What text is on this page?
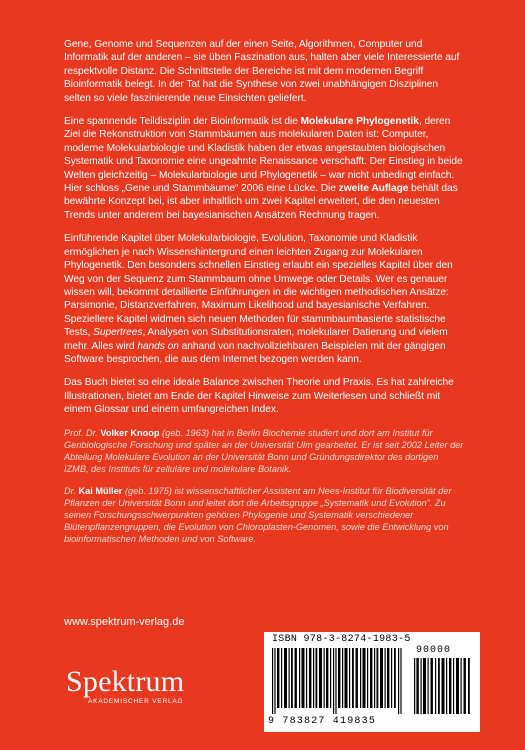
Gene, Genome und Sequenzen auf der einen Seite, Algorithmen, Computer und Informatik auf der anderen – sie üben Faszination aus, halten aber viele Interessierte auf respektvolle Distanz. Die Schnittstelle der Bereiche ist mit dem modernen Begriff Bioinformatik belegt. In der Tat hat die Synthese von zwei unabhängigen Disziplinen selten so viele faszinierende neue Einsichten geliefert.

Eine spannende Teildisziplin der Bioinformatik ist die Molekulare Phylogenetik, deren Ziel die Rekonstruktion von Stammbäumen aus molekularen Daten ist: Computer, moderne Molekularbiologie und Kladistik haben der etwas angestaubten biologischen Systematik und Taxonomie eine ungeahnte Renaissance verschafft. Der Einstieg in beide Welten gleichzeitig – Molekularbiologie und Phylogenetik – war nicht unbedingt einfach. Hier schloss „Gene und Stammbäume“ 2006 eine Lücke. Die zweite Auflage behält das bewährte Konzept bei, ist aber inhaltlich um zwei Kapitel erweitert, die den neuesten Trends unter anderem bei bayesianischen Ansätzen Rechnung tragen.

Einführende Kapitel über Molekularbiologie, Evolution, Taxonomie und Kladistik ermöglichen je nach Wissenshintergrund einen leichten Zugang zur Molekularen Phylogenetik. Den besonders schnellen Einstieg erlaubt ein spezielles Kapitel über den Weg von der Sequenz zum Stammbaum ohne Umwege oder Details. Wer es genauer wissen will, bekommt detaillierte Einführungen in die wichtigen methodischen Ansätze: Parsimonie, Distanzverfahren, Maximum Likelihood und bayesianische Verfahren. Speziellere Kapitel widmen sich neuen Methoden für stammbaumbasierte statistische Tests, Supertrees, Analysen von Substitutionsraten, molekularer Datierung und vielem mehr. Alles wird hands on anhand von nachvollziehbaren Beispielen mit der gängigen Software besprochen, die aus dem Internet bezogen werden kann.

Das Buch bietet so eine ideale Balance zwischen Theorie und Praxis. Es hat zahlreiche Illustrationen, bietet am Ende der Kapitel Hinweise zum Weiterlesen und schließt mit einem Glossar und einem umfangreichen Index.

Prof. Dr. Volker Knoop (geb. 1963) hat in Berlin Biochemie studiert und dort am Institut für Genbiologische Forschung und später an der Universität Ulm gearbeitet. Er ist seit 2002 Leiter der Abteilung Molekulare Evolution an der Universität Bonn und Gründungsdirektor des dortigen IZMB, des Instituts für zelluläre und molekulare Botanik.

Dr. Kai Müller (geb. 1975) ist wissenschaftlicher Assistent am Nees-Institut für Biodiversität der Pflanzen der Universität Bonn und leitet dort die Arbeitsgruppe „Systematik und Evolution“. Zu seinen Forschungsschwerpunkten gehören Phylogenie und Systematik verschiedener Blütenpflanzengruppen, die Evolution von Chloroplasten-Genomen, sowie die Entwicklung von bioinformatischen Methoden und von Software.

www.spektrum-verlag.de
Spektrum
AKADEMISCHER VERLAG
ISBN 978-3-8274-1983-5
90000
9 783827 419835
